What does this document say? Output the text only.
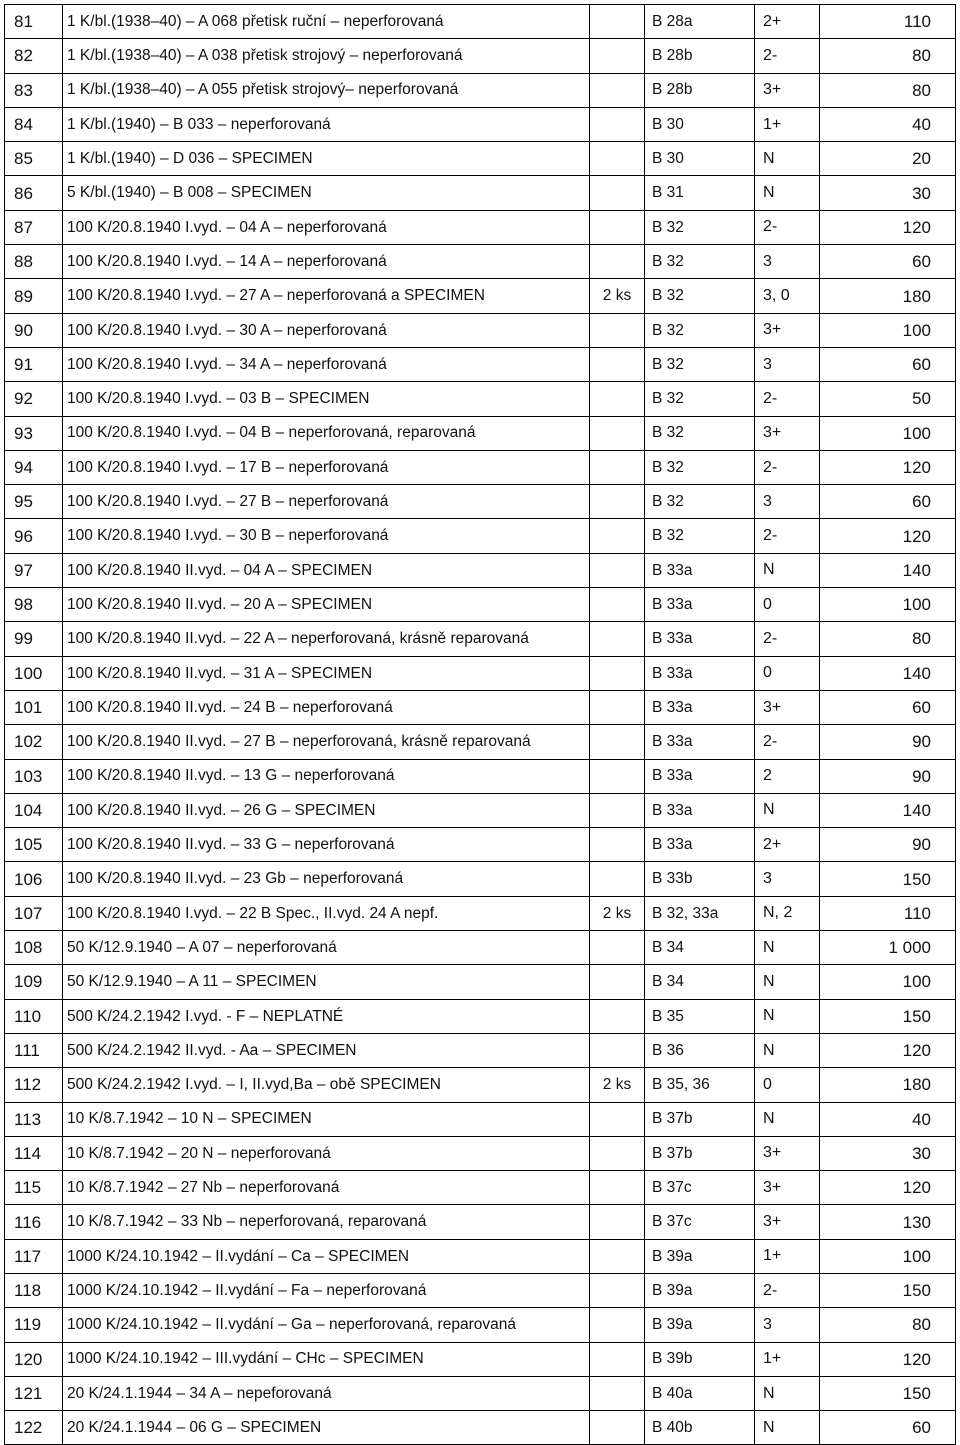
81	1 K/bl.(1938–40) – A 068 přetisk ruční – neperforovaná		B 28a	2+	110
82	1 K/bl.(1938–40) – A 038 přetisk strojový – neperforovaná		B 28b	2-	80
83	1 K/bl.(1938–40) – A 055 přetisk strojový– neperforovaná		B 28b	3+	80
84	1 K/bl.(1940) – B 033 – neperforovaná		B 30	1+	40
85	1 K/bl.(1940) – D 036 – SPECIMEN		B 30	N	20
86	5 K/bl.(1940) – B 008 – SPECIMEN		B 31	N	30
87	100 K/20.8.1940 I.vyd. – 04 A – neperforovaná		B 32	2-	120
88	100 K/20.8.1940 I.vyd. – 14 A – neperforovaná		B 32	3	60
89	100 K/20.8.1940 I.vyd. – 27 A – neperforovaná a SPECIMEN	2 ks	B 32	3, 0	180
90	100 K/20.8.1940 I.vyd. – 30 A – neperforovaná		B 32	3+	100
91	100 K/20.8.1940 I.vyd. – 34 A – neperforovaná		B 32	3	60
92	100 K/20.8.1940 I.vyd. – 03 B – SPECIMEN		B 32	2-	50
93	100 K/20.8.1940 I.vyd. – 04 B – neperforovaná, reparovaná		B 32	3+	100
94	100 K/20.8.1940 I.vyd. – 17 B – neperforovaná		B 32	2-	120
95	100 K/20.8.1940 I.vyd. – 27 B – neperforovaná		B 32	3	60
96	100 K/20.8.1940 I.vyd. – 30 B – neperforovaná		B 32	2-	120
97	100 K/20.8.1940 II.vyd. – 04 A – SPECIMEN		B 33a	N	140
98	100 K/20.8.1940 II.vyd. – 20 A – SPECIMEN		B 33a	0	100
99	100 K/20.8.1940 II.vyd. – 22 A – neperforovaná, krásně reparovaná		B 33a	2-	80
100	100 K/20.8.1940 II.vyd. – 31 A – SPECIMEN		B 33a	0	140
101	100 K/20.8.1940 II.vyd. – 24 B – neperforovaná		B 33a	3+	60
102	100 K/20.8.1940 II.vyd. – 27 B – neperforovaná, krásně reparovaná		B 33a	2-	90
103	100 K/20.8.1940 II.vyd. – 13 G – neperforovaná		B 33a	2	90
104	100 K/20.8.1940 II.vyd. – 26 G – SPECIMEN		B 33a	N	140
105	100 K/20.8.1940 II.vyd. – 33 G – neperforovaná		B 33a	2+	90
106	100 K/20.8.1940 II.vyd. – 23 Gb – neperforovaná		B 33b	3	150
107	100 K/20.8.1940 I.vyd. – 22 B Spec., II.vyd. 24 A nepf.	2 ks	B 32, 33a	N, 2	110
108	50 K/12.9.1940 – A 07 – neperforovaná		B 34	N	1 000
109	50 K/12.9.1940 – A 11 – SPECIMEN		B 34	N	100
110	500 K/24.2.1942 I.vyd. - F – NEPLATNÉ		B 35	N	150
111	500 K/24.2.1942 II.vyd. - Aa – SPECIMEN		B 36	N	120
112	500 K/24.2.1942 I.vyd. – I, II.vyd,Ba – obě SPECIMEN	2 ks	B 35, 36	0	180
113	10 K/8.7.1942 – 10 N – SPECIMEN		B 37b	N	40
114	10 K/8.7.1942 – 20 N – neperforovaná		B 37b	3+	30
115	10 K/8.7.1942 – 27 Nb – neperforovaná		B 37c	3+	120
116	10 K/8.7.1942 – 33 Nb – neperforovaná, reparovaná		B 37c	3+	130
117	1000 K/24.10.1942 – II.vydání – Ca – SPECIMEN		B 39a	1+	100
118	1000 K/24.10.1942 – II.vydání – Fa – neperforovaná		B 39a	2-	150
119	1000 K/24.10.1942 – II.vydání – Ga – neperforovaná, reparovaná		B 39a	3	80
120	1000 K/24.10.1942 – III.vydání – CHc – SPECIMEN		B 39b	1+	120
121	20 K/24.1.1944 – 34 A – nepeforovaná		B 40a	N	150
122	20 K/24.1.1944 – 06 G – SPECIMEN		B 40b	N	60
